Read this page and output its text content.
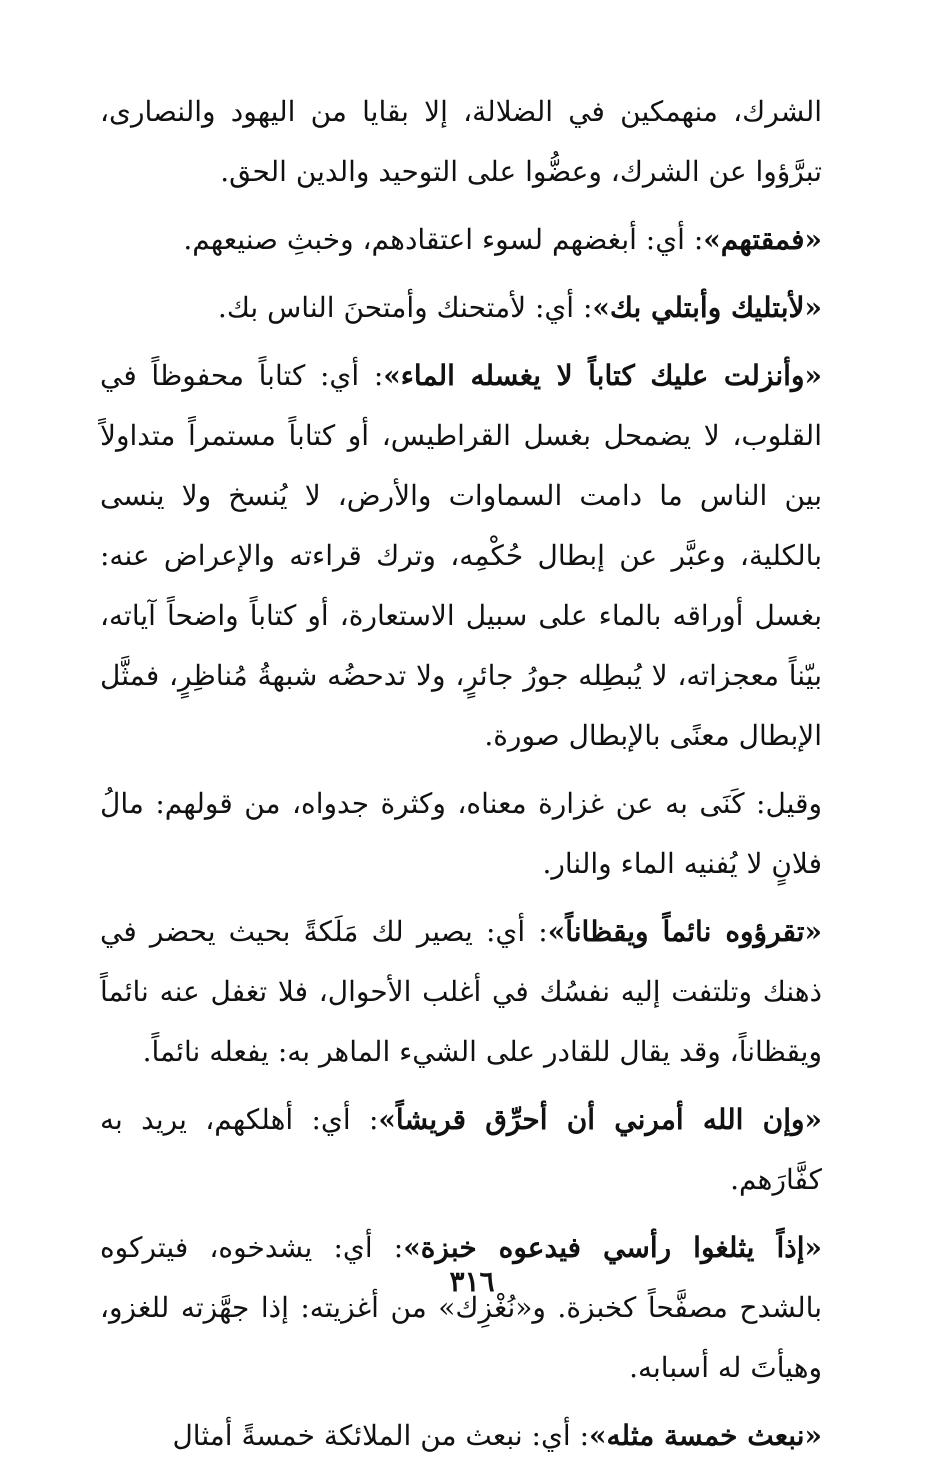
الشرك، منهمكين في الضلالة، إلا بقايا من اليهود والنصارى، تبرَّؤوا عن الشرك، وعضُّوا على التوحيد والدين الحق.

«فمقتهم»: أي: أبغضهم لسوء اعتقادهم، وخبثِ صنيعهم.

«لأبتليك وأبتلي بك»: أي: لأمتحنك وأمتحنَ الناس بك.

«وأنزلت عليك كتاباً لا يغسله الماء»: أي: كتاباً محفوظاً في القلوب، لا يضمحل بغسل القراطيس، أو كتاباً مستمراً متداولاً بين الناس ما دامت السماوات والأرض، لا يُنسخ ولا ينسى بالكلية، وعبَّر عن إبطال حُكْمِه، وترك قراءته والإعراض عنه: بغسل أوراقه بالماء على سبيل الاستعارة، أو كتاباً واضحاً آياته، بيّناً معجزاته، لا يُبطِله جورُ جائرٍ، ولا تدحضُه شبهةُ مُناظِرٍ، فمثَّل الإبطال معنًى بالإبطال صورة.

وقيل: كَنَى به عن غزارة معناه، وكثرة جدواه، من قولهم: مالُ فلانٍ لا يُفنيه الماء والنار.

«تقرؤوه نائماً ويقظاناً»: أي: يصير لك مَلَكةً بحيث يحضر في ذهنك وتلتفت إليه نفسُك في أغلب الأحوال، فلا تغفل عنه نائماً ويقظاناً، وقد يقال للقادر على الشيء الماهر به: يفعله نائماً.

«وإن الله أمرني أن أحرِّق قريشاً»: أي: أهلكهم، يريد به كفَّارَهم.

«إذاً يثلغوا رأسي فيدعوه خبزة»: أي: يشدخوه، فيتركوه بالشدح مصفَّحاً كخبزة. و«نُغْزِك» من أغزيته: إذا جهَّزته للغزو، وهيأتَ له أسبابه.

«نبعث خمسة مثله»: أي: نبعث من الملائكة خمسةً أمثال

٣١٦
